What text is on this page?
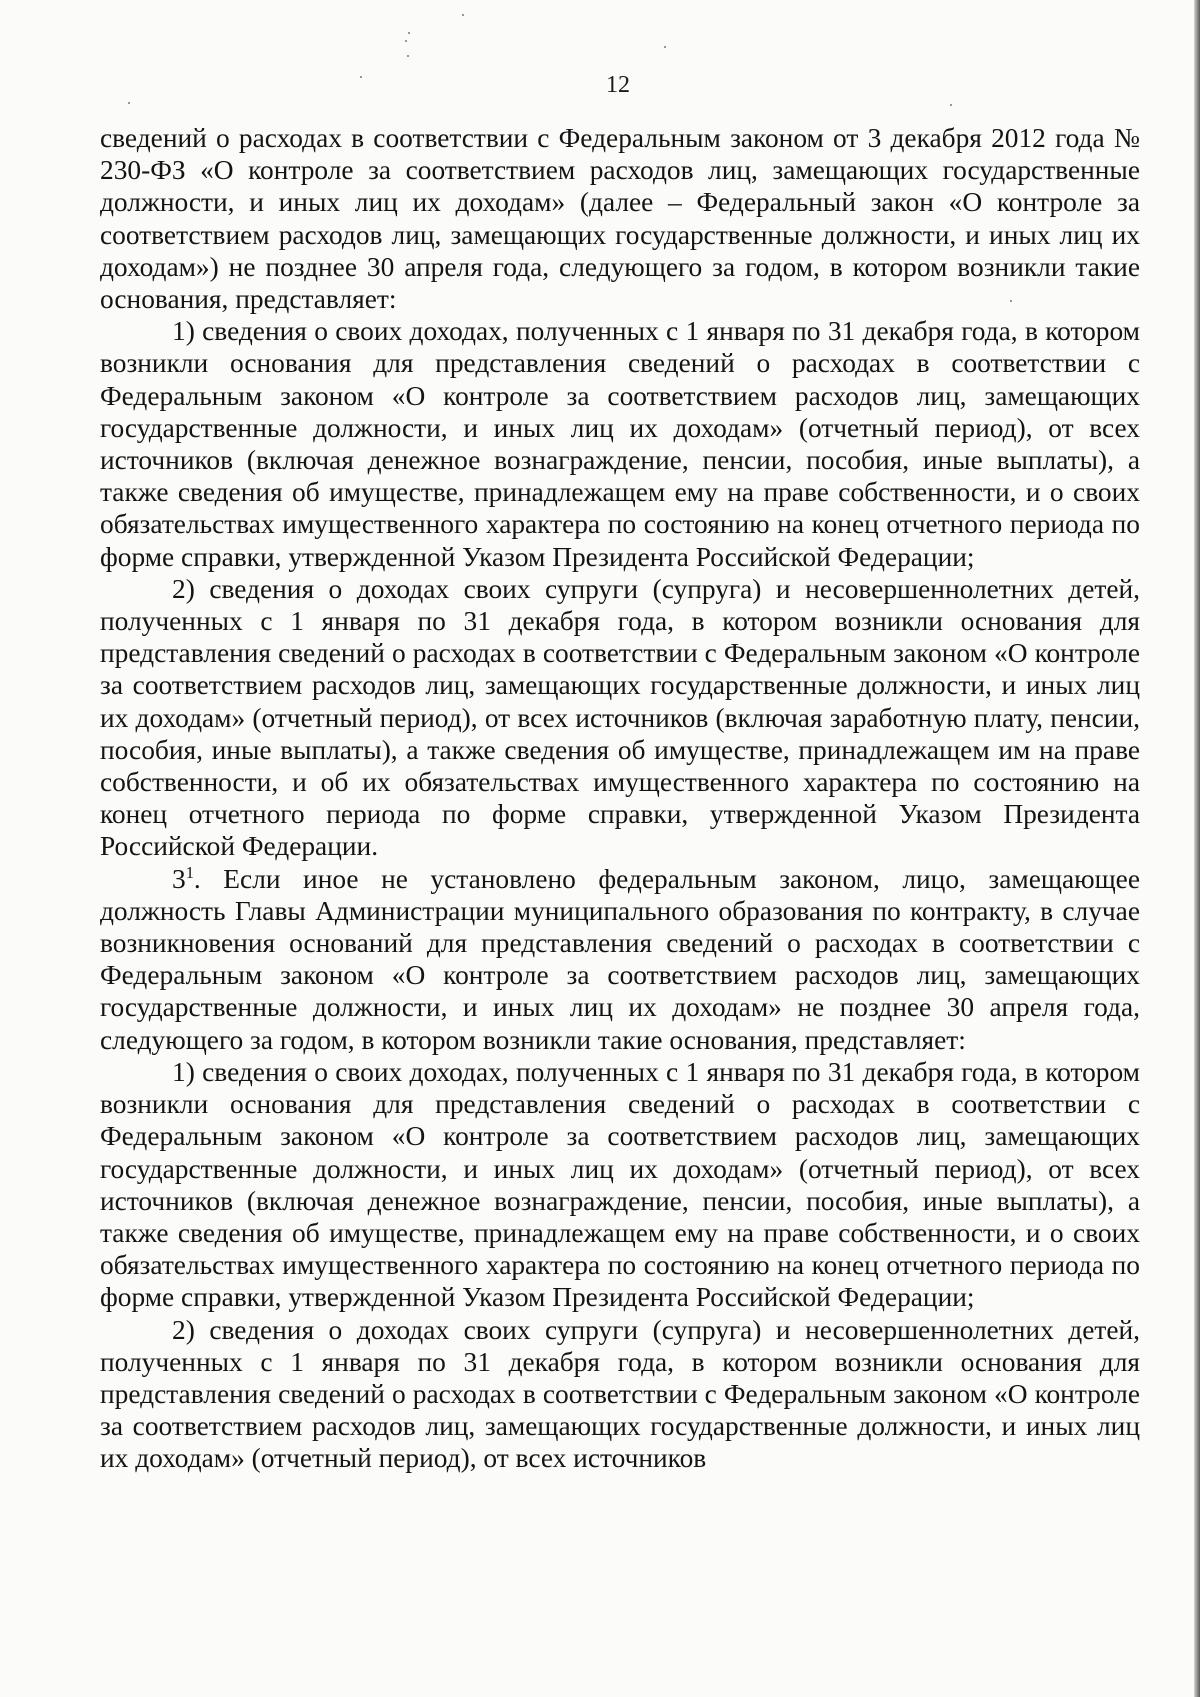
12

сведений о расходах в соответствии с Федеральным законом от 3 декабря 2012 года № 230-ФЗ «О контроле за соответствием расходов лиц, замещающих государственные должности, и иных лиц их доходам» (далее – Федеральный закон «О контроле за соответствием расходов лиц, замещающих государственные должности, и иных лиц их доходам») не позднее 30 апреля года, следующего за годом, в котором возникли такие основания, представляет:

1) сведения о своих доходах, полученных с 1 января по 31 декабря года, в котором возникли основания для представления сведений о расходах в соответствии с Федеральным законом «О контроле за соответствием расходов лиц, замещающих государственные должности, и иных лиц их доходам» (отчетный период), от всех источников (включая денежное вознаграждение, пенсии, пособия, иные выплаты), а также сведения об имуществе, принадлежащем ему на праве собственности, и о своих обязательствах имущественного характера по состоянию на конец отчетного периода по форме справки, утвержденной Указом Президента Российской Федерации;

2) сведения о доходах своих супруги (супруга) и несовершеннолетних детей, полученных с 1 января по 31 декабря года, в котором возникли основания для представления сведений о расходах в соответствии с Федеральным законом «О контроле за соответствием расходов лиц, замещающих государственные должности, и иных лиц их доходам» (отчетный период), от всех источников (включая заработную плату, пенсии, пособия, иные выплаты), а также сведения об имуществе, принадлежащем им на праве собственности, и об их обязательствах имущественного характера по состоянию на конец отчетного периода по форме справки, утвержденной Указом Президента Российской Федерации.

$3^1$. Если иное не установлено федеральным законом, лицо, замещающее должность Главы Администрации муниципального образования по контракту, в случае возникновения оснований для представления сведений о расходах в соответствии с Федеральным законом «О контроле за соответствием расходов лиц, замещающих государственные должности, и иных лиц их доходам» не позднее 30 апреля года, следующего за годом, в котором возникли такие основания, представляет:

1) сведения о своих доходах, полученных с 1 января по 31 декабря года, в котором возникли основания для представления сведений о расходах в соответствии с Федеральным законом «О контроле за соответствием расходов лиц, замещающих государственные должности, и иных лиц их доходам» (отчетный период), от всех источников (включая денежное вознаграждение, пенсии, пособия, иные выплаты), а также сведения об имуществе, принадлежащем ему на праве собственности, и о своих обязательствах имущественного характера по состоянию на конец отчетного периода по форме справки, утвержденной Указом Президента Российской Федерации;

2) сведения о доходах своих супруги (супруга) и несовершеннолетних детей, полученных с 1 января по 31 декабря года, в котором возникли основания для представления сведений о расходах в соответствии с Федеральным законом «О контроле за соответствием расходов лиц, замещающих государственные должности, и иных лиц их доходам» (отчетный период), от всех источников
